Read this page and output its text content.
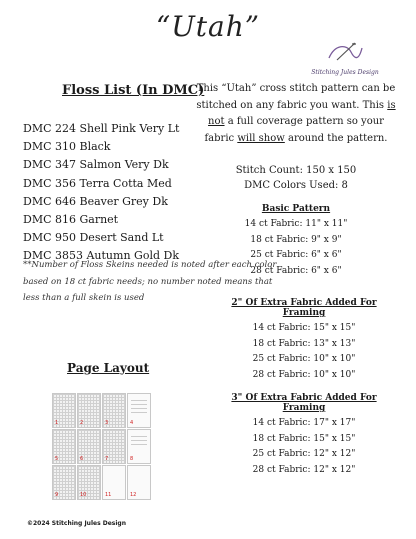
“Utah”
Stitching Jules Design
Floss List (In DMC)
DMC 224 Shell Pink Very Lt
DMC 310 Black
DMC 347 Salmon Very Dk
DMC 356 Terra Cotta Med
DMC 646 Beaver Grey Dk
DMC 816 Garnet
DMC 950 Desert Sand Lt
DMC 3853 Autumn Gold Dk
**Number of Floss Skeins needed is noted after each color based on 18 ct fabric needs; no number noted means that less than a full skein is used
This “Utah” cross stitch pattern can be stitched on any fabric you want. This is
not a full coverage pattern so your fabric will show around the pattern.
Stitch Count: 150 x 150
DMC Colors Used: 8
Basic Pattern
14 ct Fabric: 11" x 11"
18 ct Fabric: 9" x 9"
25 ct Fabric: 6" x 6"
28 ct Fabric: 6" x 6"
2" Of Extra Fabric Added For Framing
14 ct Fabric: 15" x 15"
18 ct Fabric: 13" x 13"
25 ct Fabric: 10" x 10"
28 ct Fabric: 10" x 10"
3" Of Extra Fabric Added For Framing
14 ct Fabric: 17" x 17"
18 ct Fabric: 15" x 15"
25 ct Fabric: 12" x 12"
28 ct Fabric: 12" x 12"
Page Layout
1	2	3	4
5	6	7	8
9	10	11	12
©2024 Stitching Jules Design
